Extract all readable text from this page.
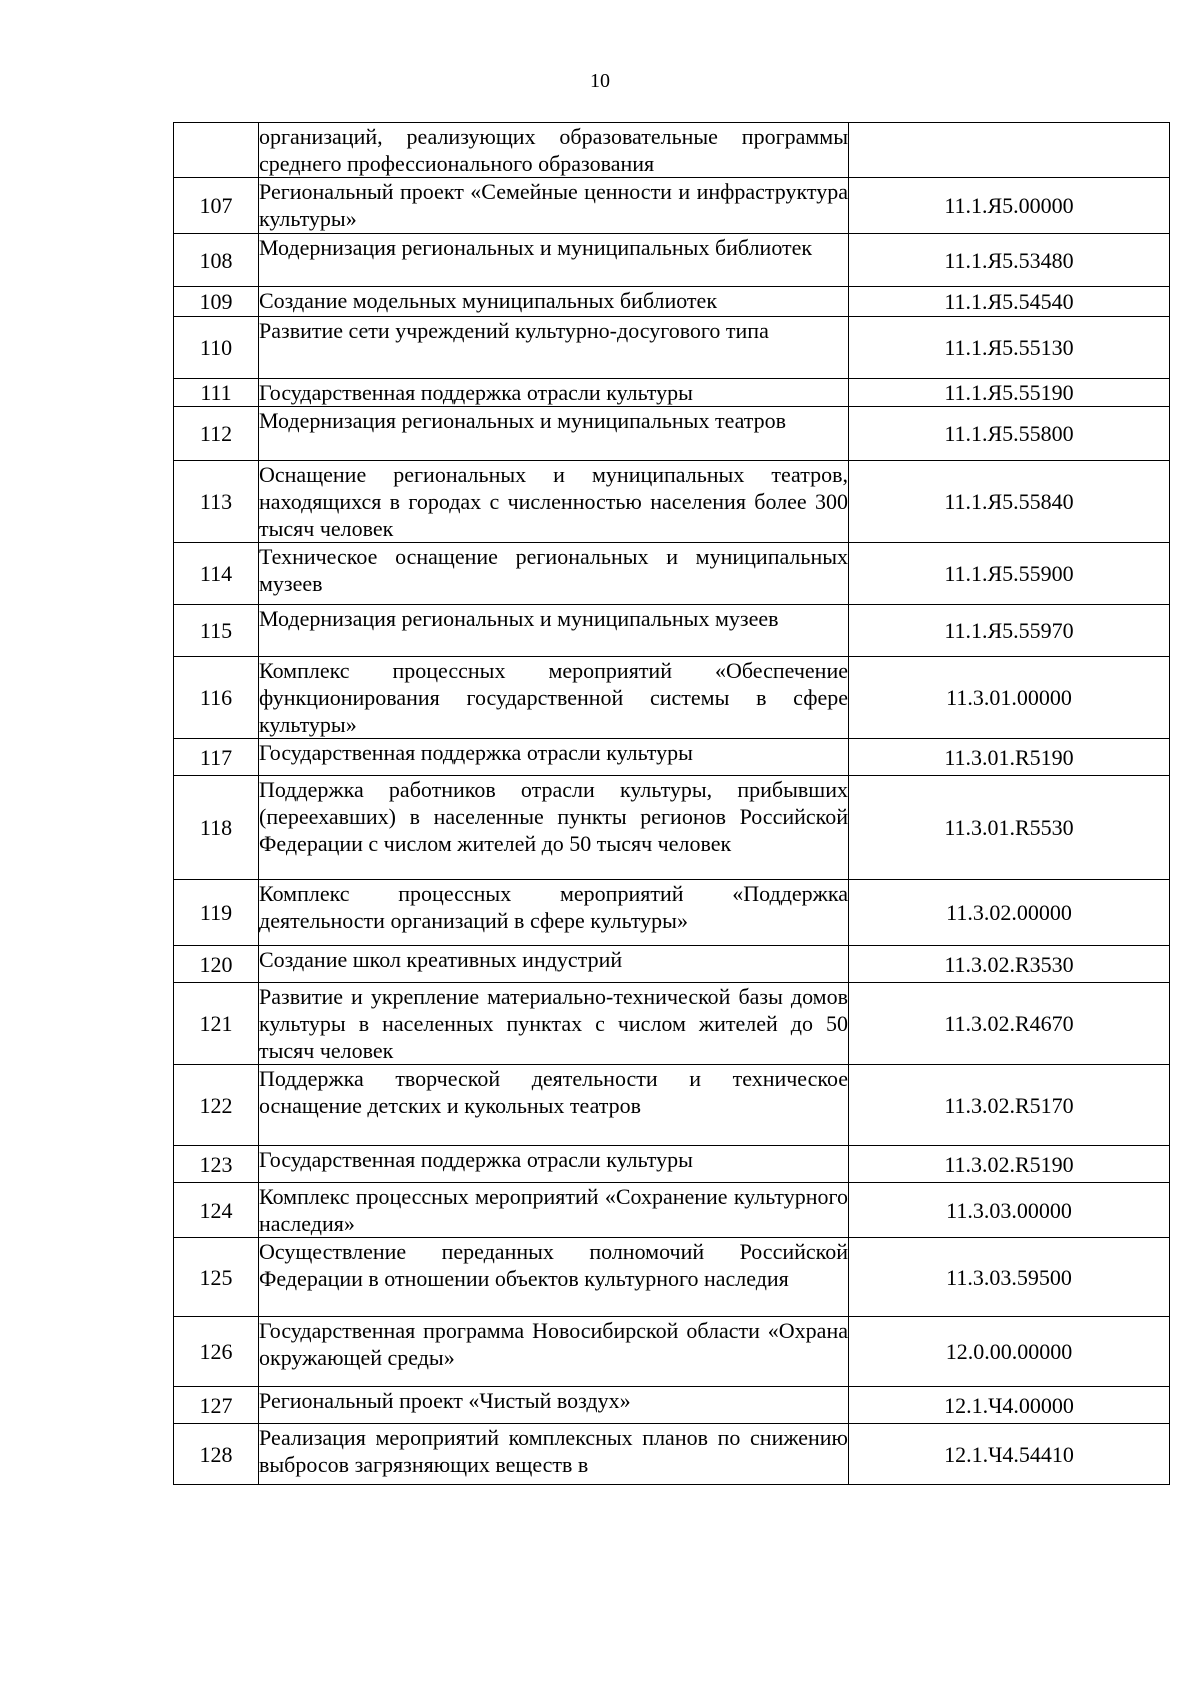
10
	организаций, реализующих образовательные программы среднего профессионального образования	
107	Региональный проект «Семейные ценности и инфраструктура культуры»	11.1.Я5.00000
108	Модернизация региональных и муниципальных библиотек	11.1.Я5.53480
109	Создание модельных муниципальных библиотек	11.1.Я5.54540
110	Развитие сети учреждений культурно-досугового типа	11.1.Я5.55130
111	Государственная поддержка отрасли культуры	11.1.Я5.55190
112	Модернизация региональных и муниципальных театров	11.1.Я5.55800
113	Оснащение региональных и муниципальных театров, находящихся в городах с численностью населения более 300 тысяч человек	11.1.Я5.55840
114	Техническое оснащение региональных и муниципальных музеев	11.1.Я5.55900
115	Модернизация региональных и муниципальных музеев	11.1.Я5.55970
116	Комплекс процессных мероприятий «Обеспечение функционирования государственной системы в сфере культуры»	11.3.01.00000
117	Государственная поддержка отрасли культуры	11.3.01.R5190
118	Поддержка работников отрасли культуры, прибывших (переехавших) в населенные пункты регионов Российской Федерации с числом жителей до 50 тысяч человек	11.3.01.R5530
119	Комплекс процессных мероприятий «Поддержка деятельности организаций в сфере культуры»	11.3.02.00000
120	Создание школ креативных индустрий	11.3.02.R3530
121	Развитие и укрепление материально-технической базы домов культуры в населенных пунктах с числом жителей до 50 тысяч человек	11.3.02.R4670
122	Поддержка творческой деятельности и техническое оснащение детских и кукольных театров	11.3.02.R5170
123	Государственная поддержка отрасли культуры	11.3.02.R5190
124	Комплекс процессных мероприятий «Сохранение культурного наследия»	11.3.03.00000
125	Осуществление переданных полномочий Российской Федерации в отношении объектов культурного наследия	11.3.03.59500
126	Государственная программа Новосибирской области «Охрана окружающей среды»	12.0.00.00000
127	Региональный проект «Чистый воздух»	12.1.Ч4.00000
128	Реализация мероприятий комплексных планов по снижению выбросов загрязняющих веществ в	12.1.Ч4.54410
